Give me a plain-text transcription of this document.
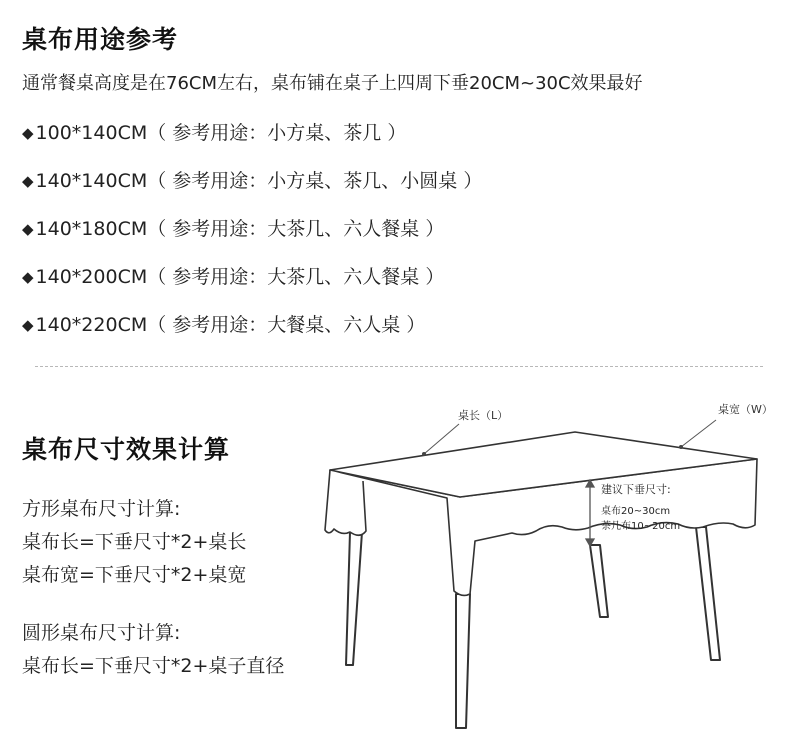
桌布用途参考
通常餐桌高度是在76CM左右，桌布铺在桌子上四周下垂20CM~30C效果最好
◆ 100*140CM（ 参考用途：小方桌、茶几 ）
◆ 140*140CM（ 参考用途：小方桌、茶几、小圆桌 ）
◆ 140*180CM（ 参考用途：大茶几、六人餐桌 ）
◆ 140*200CM（ 参考用途：大茶几、六人餐桌 ）
◆ 140*220CM（ 参考用途：大餐桌、六人桌 ）
桌布尺寸效果计算
方形桌布尺寸计算:
桌布长=下垂尺寸*2+桌长
桌布宽=下垂尺寸*2+桌宽
圆形桌布尺寸计算:
桌布长=下垂尺寸*2+桌子直径
桌长（L）	桌宽（W）
建议下垂尺寸:
桌布20~30cm
茶几布10~20cm
